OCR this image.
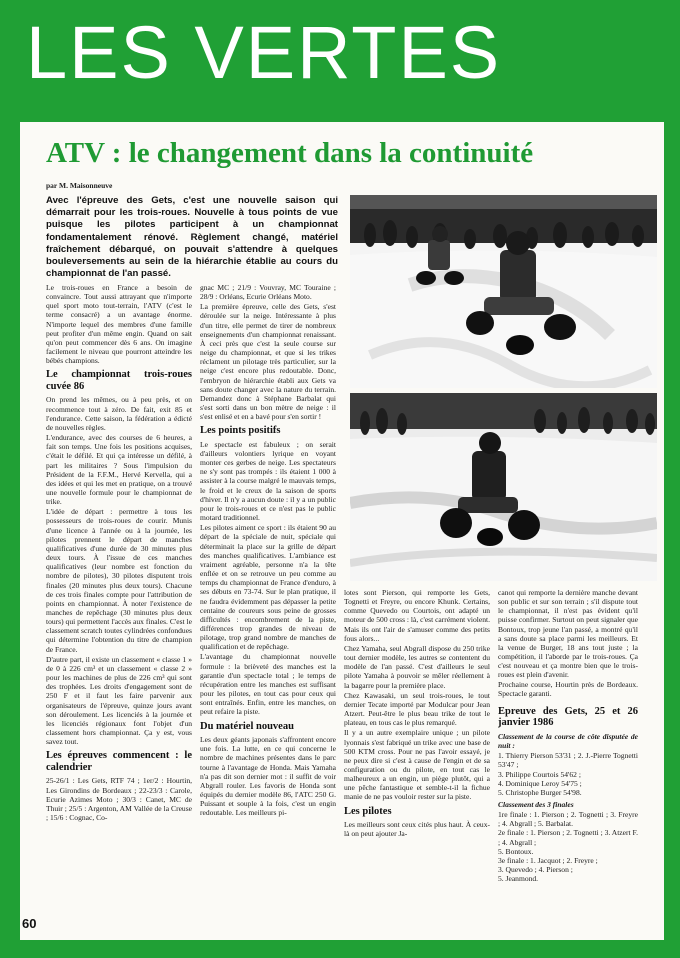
LES VERTES
ATV : le changement dans la continuité
par M. Maisonneuve

Avec l'épreuve des Gets, c'est une nouvelle saison qui démarrait pour les trois-roues. Nouvelle à tous points de vue puisque les pilotes participent à un championnat fondamentalement rénové. Règlement changé, matériel fraîchement débarqué, on pouvait s'attendre à quelques bouleversements au sein de la hiérarchie établie au cours du championnat de l'an passé.

Le trois-roues en France a besoin de convaincre. Tout aussi attrayant que n'importe quel sport moto tout-terrain, l'ATV (c'est le terme consacré) a un avantage énorme. N'importe lequel des membres d'une famille peut profiter d'un même engin. Quand on sait qu'on peut commencer dès 6 ans. On imagine facilement le niveau que pourront atteindre les bébés champions.

Le championnat trois-roues cuvée 86

On prend les mêmes, ou à peu près, et on recommence tout à zéro. De fait, exit 85 et l'endurance. Cette saison, la fédération a édicté de nouvelles règles.

L'endurance, avec des courses de 6 heures, a fait son temps. Une fois les positions acquises, c'était le défilé. Et qui ça intéresse un défilé, à part les militaires ? Sous l'impulsion du Président de la F.F.M., Hervé Kervella, qui a des idées et qui les met en pratique, on a trouvé une nouvelle formule pour le championnat de trike.

L'idée de départ : permettre à tous les possesseurs de trois-roues de courir. Munis d'une licence à l'année ou à la journée, les pilotes prennent le départ de manches qualificatives d'une durée de 30 minutes plus deux tours. À l'issue de ces manches qualificatives (leur nombre est fonction du nombre de pilotes), 30 pilotes disputent trois finales (20 minutes plus deux tours). Chacune de ces trois finales compte pour l'attribution de points en championnat. À noter l'existence de manches de repêchage (30 minutes plus deux tours) qui permettent l'accès aux finales. C'est le classement scratch toutes cylindrées confondues qui détermine l'obtention du titre de champion de France.

D'autre part, il existe un classement « classe 1 » de 0 à 226 cm³ et un classement « classe 2 » pour les machines de plus de 226 cm³ qui sont des trophées. Les droits d'engagement sont de 250 F et il faut les faire parvenir aux organisateurs de l'épreuve, quinze jours avant son déroulement. Les licenciés à la journée et les licenciés régionaux font l'objet d'un classement hors championnat. Ça y est, vous savez tout.

Les épreuves commencent : le calendrier

25-26/1 : Les Gets, RTF 74 ; 1er/2 : Hourtin, Les Girondins de Bordeaux ; 22-23/3 : Carole, Ecurie Azimes Moto ; 30/3 : Canet, MC de Thuir ; 25/5 : Argenton, AM Vallée de la Creuse ; 15/6 : Cognac, Co-

gnac MC ; 21/9 : Vouvray, MC Touraine ; 28/9 : Orléans, Ecurie Orléans Moto.

La première épreuve, celle des Gets, s'est déroulée sur la neige. Intéressante à plus d'un titre, elle permet de tirer de nombreux enseignements d'un championnat renaissant. À ceci près que c'est la seule course sur neige du championnat, et que si les trikes réclament un pilotage très particulier, sur la neige c'est encore plus redoutable. Donc, l'embryon de hiérarchie établi aux Gets va sans doute changer avec la nature du terrain. Demandez donc à Stéphane Barbalat qui s'est sorti dans un bon mètre de neige : il s'est enlisé et en a bavé pour s'en sortir !

Les points positifs

Le spectacle est fabuleux ; on serait d'ailleurs volontiers lyrique en voyant monter ces gerbes de neige. Les spectateurs ne s'y sont pas trompés : ils étaient 1 000 à assister à la course malgré le mauvais temps, le froid et le creux de la saison de sports d'hiver. Il n'y a aucun doute : il y a un public pour le trois-roues et ce n'est pas le public motard traditionnel.

Les pilotes aiment ce sport : ils étaient 90 au départ de la spéciale de nuit, spéciale qui déterminait la place sur la grille de départ des manches qualificatives. L'ambiance est vraiment agréable, personne n'a la tête enflée et on se retrouve un peu comme au temps du championnat de France d'enduro, à ses débuts en 73-74. Sur le plan pratique, il ne faudra évidemment pas dépasser la petite centaine de coureurs sous peine de grosses difficultés : encombrement de la piste, différences trop grandes de niveau de pilotage, trop grand nombre de manches de qualification et de repêchage.

L'avantage du championnat nouvelle formule : la brièveté des manches est la garantie d'un spectacle total ; le temps de récupération entre les manches est suffisant pour les pilotes, en tout cas pour ceux qui sont entraînés. Enfin, entre les manches, on peut refaire la piste.

Du matériel nouveau

Les deux géants japonais s'affrontent encore une fois. La lutte, en ce qui concerne le nombre de machines présentes dans le parc tourne à l'avantage de Honda. Mais Yamaha n'a pas dit son dernier mot : il suffit de voir Abgrall rouler. Les favoris de Honda sont équipés du dernier modèle 86, l'ATC 250 G. Puissant et souple à la fois, c'est un engin redoutable. Les meilleurs pi-

lotes sont Pierson, qui remporte les Gets, Tognetti et Freyre, ou encore Khunk. Certains, comme Quevedo ou Courtois, ont adapté un moteur de 500 cross : là, c'est carrément violent. Mais ils ont l'air de s'amuser comme des petits fous alors...

Chez Yamaha, seul Abgrall dispose du 250 trike tout dernier modèle, les autres se contentent du modèle de l'an passé. C'est d'ailleurs le seul pilote Yamaha à pouvoir se mêler réellement à la bagarre pour la première place.

Chez Kawasaki, un seul trois-roues, le tout dernier Tecate importé par Modulcar pour Jean Atzert. Peut-être le plus beau trike de tout le plateau, en tous cas le plus remarqué.

Il y a un autre exemplaire unique ; un pilote lyonnais s'est fabriqué un trike avec une base de 500 KTM cross. Pour ne pas l'avoir essayé, je ne peux dire si c'est à cause de l'engin et de sa configuration ou du pilote, en tout cas le malheureux a un engin, un piège plutôt, qui a une pêche fantastique et semble-t-il la fichue manie de ne pas vouloir rester sur la piste.

Les pilotes

Les meilleurs sont ceux cités plus haut. À ceux-là on peut ajouter Ja-

canot qui remporte la dernière manche devant son public et sur son terrain ; s'il dispute tout le championnat, il n'est pas évident qu'il puisse confirmer. Surtout on peut signaler que Bontoux, trop jeune l'an passé, a montré qu'il a sans doute sa place parmi les meilleurs. Et la venue de Burger, 18 ans tout juste ; la compétition, il l'aborde par le trois-roues. Ça c'est nouveau et ça montre bien que le trois-roues est plein d'avenir.

Prochaine course, Hourtin près de Bordeaux. Spectacle garanti.

Epreuve des Gets, 25 et 26 janvier 1986
Classement de la course de côte disputée de nuit :

1. Thierry Pierson 53'31 ; 2. J.-Pierre Tognetti 53'47 ;

3. Philippe Courtois 54'62 ;

4. Dominique Leroy 54'75 ;

5. Christophe Burger 54'98.

Classement des 3 finales

1re finale : 1. Pierson ; 2. Tognetti ; 3. Freyre ; 4. Abgrall ; 5. Barbalat.

2e finale : 1. Pierson ; 2. Tognetti ; 3. Atzert F. ; 4. Abgrall ;

5. Bontoux.

3e finale : 1. Jacquot ; 2. Freyre ;

3. Quevedo ; 4. Pierson ;

5. Jeanmond.

60
